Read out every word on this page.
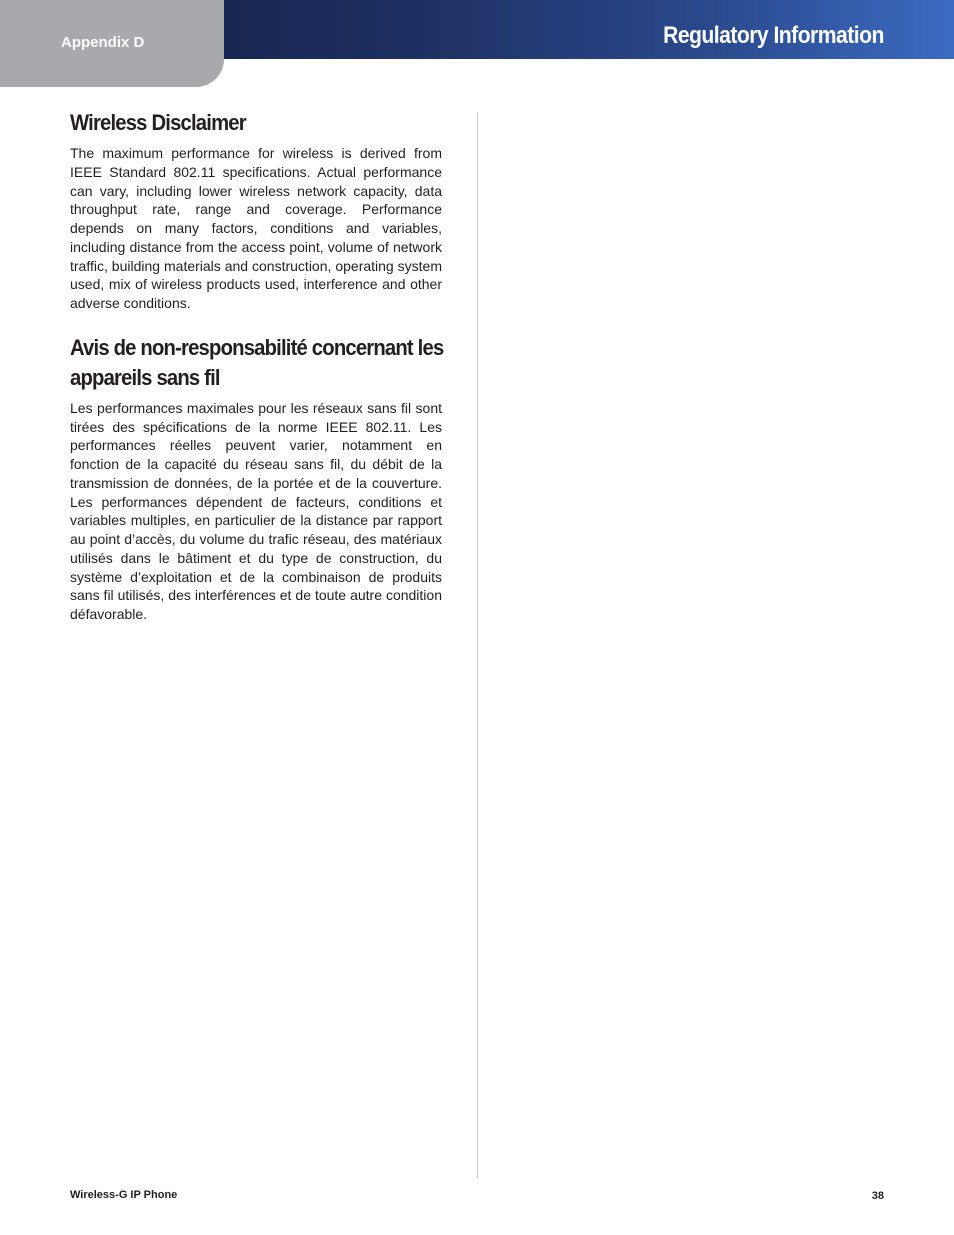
Appendix D	Regulatory Information
Wireless Disclaimer

The maximum performance for wireless is derived from IEEE Standard 802.11 specifications. Actual performance can vary, including lower wireless network capacity, data throughput rate, range and coverage. Performance depends on many factors, conditions and variables, including distance from the access point, volume of network traffic, building materials and construction, operating system used, mix of wireless products used, interference and other adverse conditions.

Avis de non-responsabilité concernant les
appareils sans fil

Les performances maximales pour les réseaux sans fil sont tirées des spécifications de la norme IEEE 802.11. Les performances réelles peuvent varier, notamment en fonction de la capacité du réseau sans fil, du débit de la transmission de données, de la portée et de la couverture. Les performances dépendent de facteurs, conditions et variables multiples, en particulier de la distance par rapport au point d’accès, du volume du trafic réseau, des matériaux utilisés dans le bâtiment et du type de construction, du système d’exploitation et de la combinaison de produits sans fil utilisés, des interférences et de toute autre condition défavorable.

Wireless-G IP Phone	38
